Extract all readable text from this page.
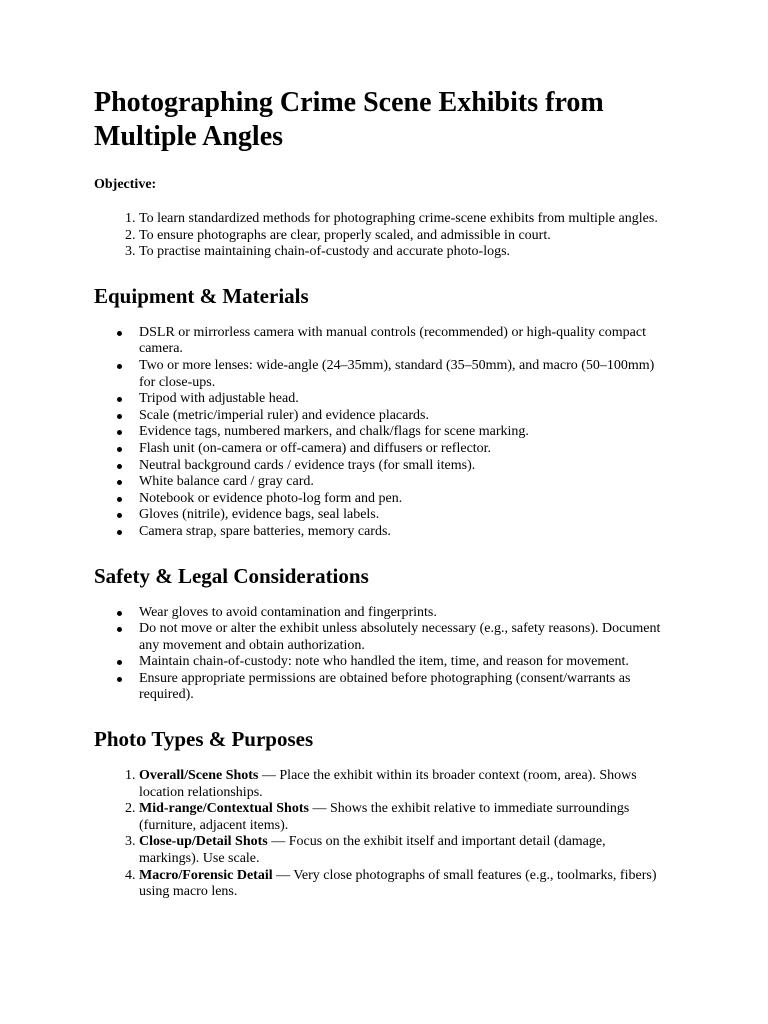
Photographing Crime Scene Exhibits from Multiple Angles
Objective:
1. To learn standardized methods for photographing crime-scene exhibits from multiple angles.
2. To ensure photographs are clear, properly scaled, and admissible in court.
3. To practise maintaining chain-of-custody and accurate photo-logs.
Equipment & Materials
DSLR or mirrorless camera with manual controls (recommended) or high-quality compact camera.
Two or more lenses: wide-angle (24–35mm), standard (35–50mm), and macro (50–100mm) for close-ups.
Tripod with adjustable head.
Scale (metric/imperial ruler) and evidence placards.
Evidence tags, numbered markers, and chalk/flags for scene marking.
Flash unit (on-camera or off-camera) and diffusers or reflector.
Neutral background cards / evidence trays (for small items).
White balance card / gray card.
Notebook or evidence photo-log form and pen.
Gloves (nitrile), evidence bags, seal labels.
Camera strap, spare batteries, memory cards.
Safety & Legal Considerations
Wear gloves to avoid contamination and fingerprints.
Do not move or alter the exhibit unless absolutely necessary (e.g., safety reasons). Document any movement and obtain authorization.
Maintain chain-of-custody: note who handled the item, time, and reason for movement.
Ensure appropriate permissions are obtained before photographing (consent/warrants as required).
Photo Types & Purposes
1. Overall/Scene Shots — Place the exhibit within its broader context (room, area). Shows location relationships.
2. Mid-range/Contextual Shots — Shows the exhibit relative to immediate surroundings (furniture, adjacent items).
3. Close-up/Detail Shots — Focus on the exhibit itself and important detail (damage, markings). Use scale.
4. Macro/Forensic Detail — Very close photographs of small features (e.g., toolmarks, fibers) using macro lens.
